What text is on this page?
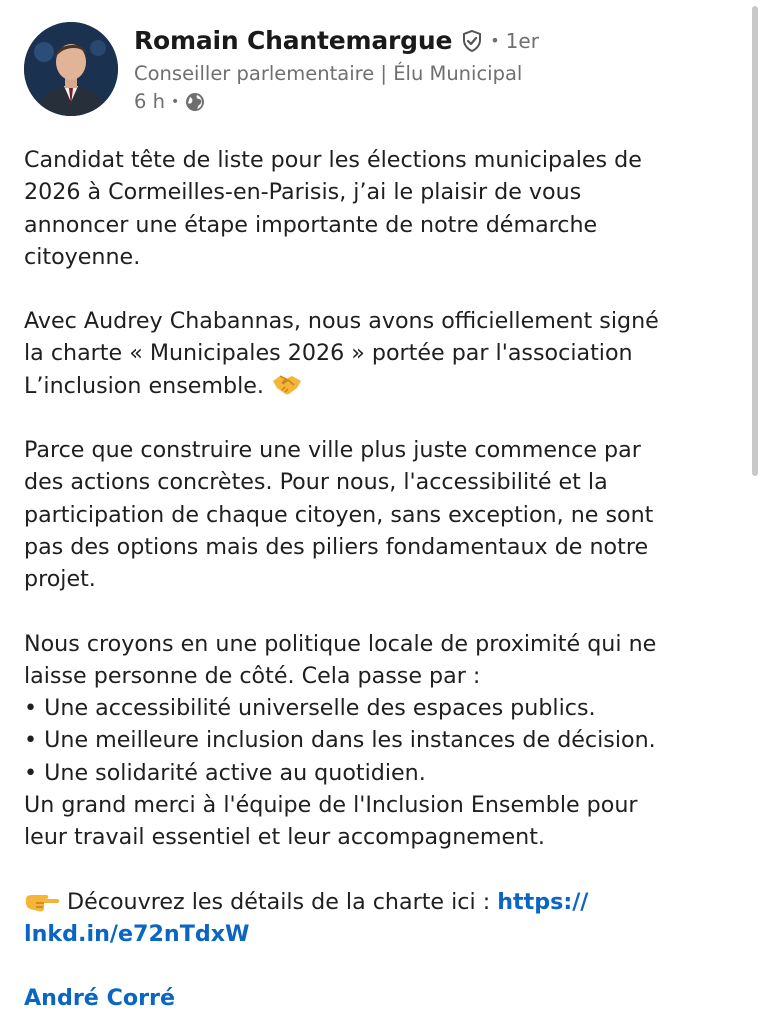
Romain Chantemargue • 1er
Conseiller parlementaire | Élu Municipal
6 h •

Candidat tête de liste pour les élections municipales de
2026 à Cormeilles-en-Parisis, j’ai le plaisir de vous
annoncer une étape importante de notre démarche
citoyenne.

Avec Audrey Chabannas, nous avons officiellement signé
la charte « Municipales 2026 » portée par l'association
L’inclusion ensemble.

Parce que construire une ville plus juste commence par
des actions concrètes. Pour nous, l'accessibilité et la
participation de chaque citoyen, sans exception, ne sont
pas des options mais des piliers fondamentaux de notre
projet.

Nous croyons en une politique locale de proximité qui ne
laisse personne de côté. Cela passe par :
• Une accessibilité universelle des espaces publics.
• Une meilleure inclusion dans les instances de décision.
• Une solidarité active au quotidien.
Un grand merci à l'équipe de l'Inclusion Ensemble pour
leur travail essentiel et leur accompagnement.

Découvrez les détails de la charte ici : https://
lnkd.in/e72nTdxW

André Corré
